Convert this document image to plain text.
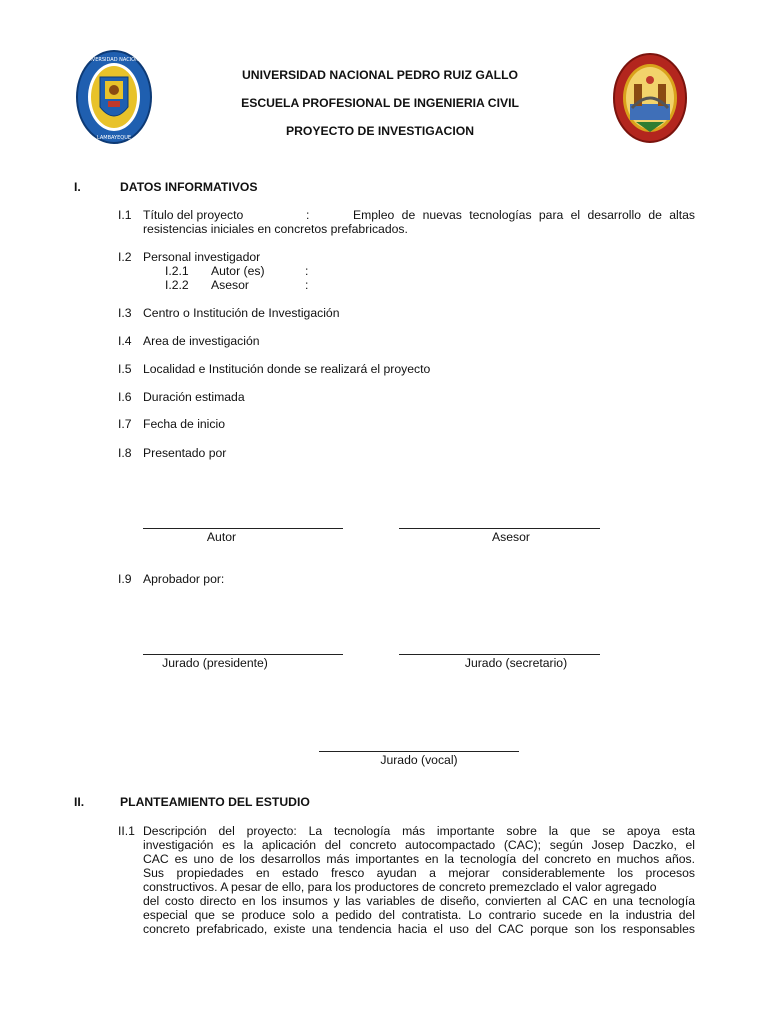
UNIVERSIDAD NACIONAL
LAMBAYEQUE
UNIVERSIDAD NACIONAL PEDRO RUIZ GALLO
ESCUELA PROFESIONAL DE INGENIERIA CIVIL
PROYECTO DE INVESTIGACION
I.	DATOS INFORMATIVOS
I.1 Título del proyecto	:	Empleo de nuevas tecnologías para el desarrollo de altas
resistencias iniciales en concretos prefabricados.
I.2 Personal investigador
I.2.1 Autor (es)	:
I.2.2 Asesor	:
I.3 Centro o Institución de Investigación
I.4 Area de investigación
I.5 Localidad e Institución donde se realizará el proyecto
I.6 Duración estimada
I.7 Fecha de inicio
I.8 Presentado por
Autor	Asesor
I.9 Aprobador por:
Jurado (presidente)	Jurado (secretario)
Jurado (vocal)
II.	PLANTEAMIENTO DEL ESTUDIO
II.1 Descripción del proyecto: La tecnología más importante sobre la que se apoya esta
investigación es la aplicación del concreto autocompactado (CAC); según Josep Daczko, el
CAC es uno de los desarrollos más importantes en la tecnología del concreto en muchos años.
Sus propiedades en estado fresco ayudan a mejorar considerablemente los procesos
constructivos. A pesar de ello, para los productores de concreto premezclado el valor agregado
del costo directo en los insumos y las variables de diseño, convierten al CAC en una tecnología
especial que se produce solo a pedido del contratista. Lo contrario sucede en la industria del
concreto prefabricado, existe una tendencia hacia el uso del CAC porque son los responsables
